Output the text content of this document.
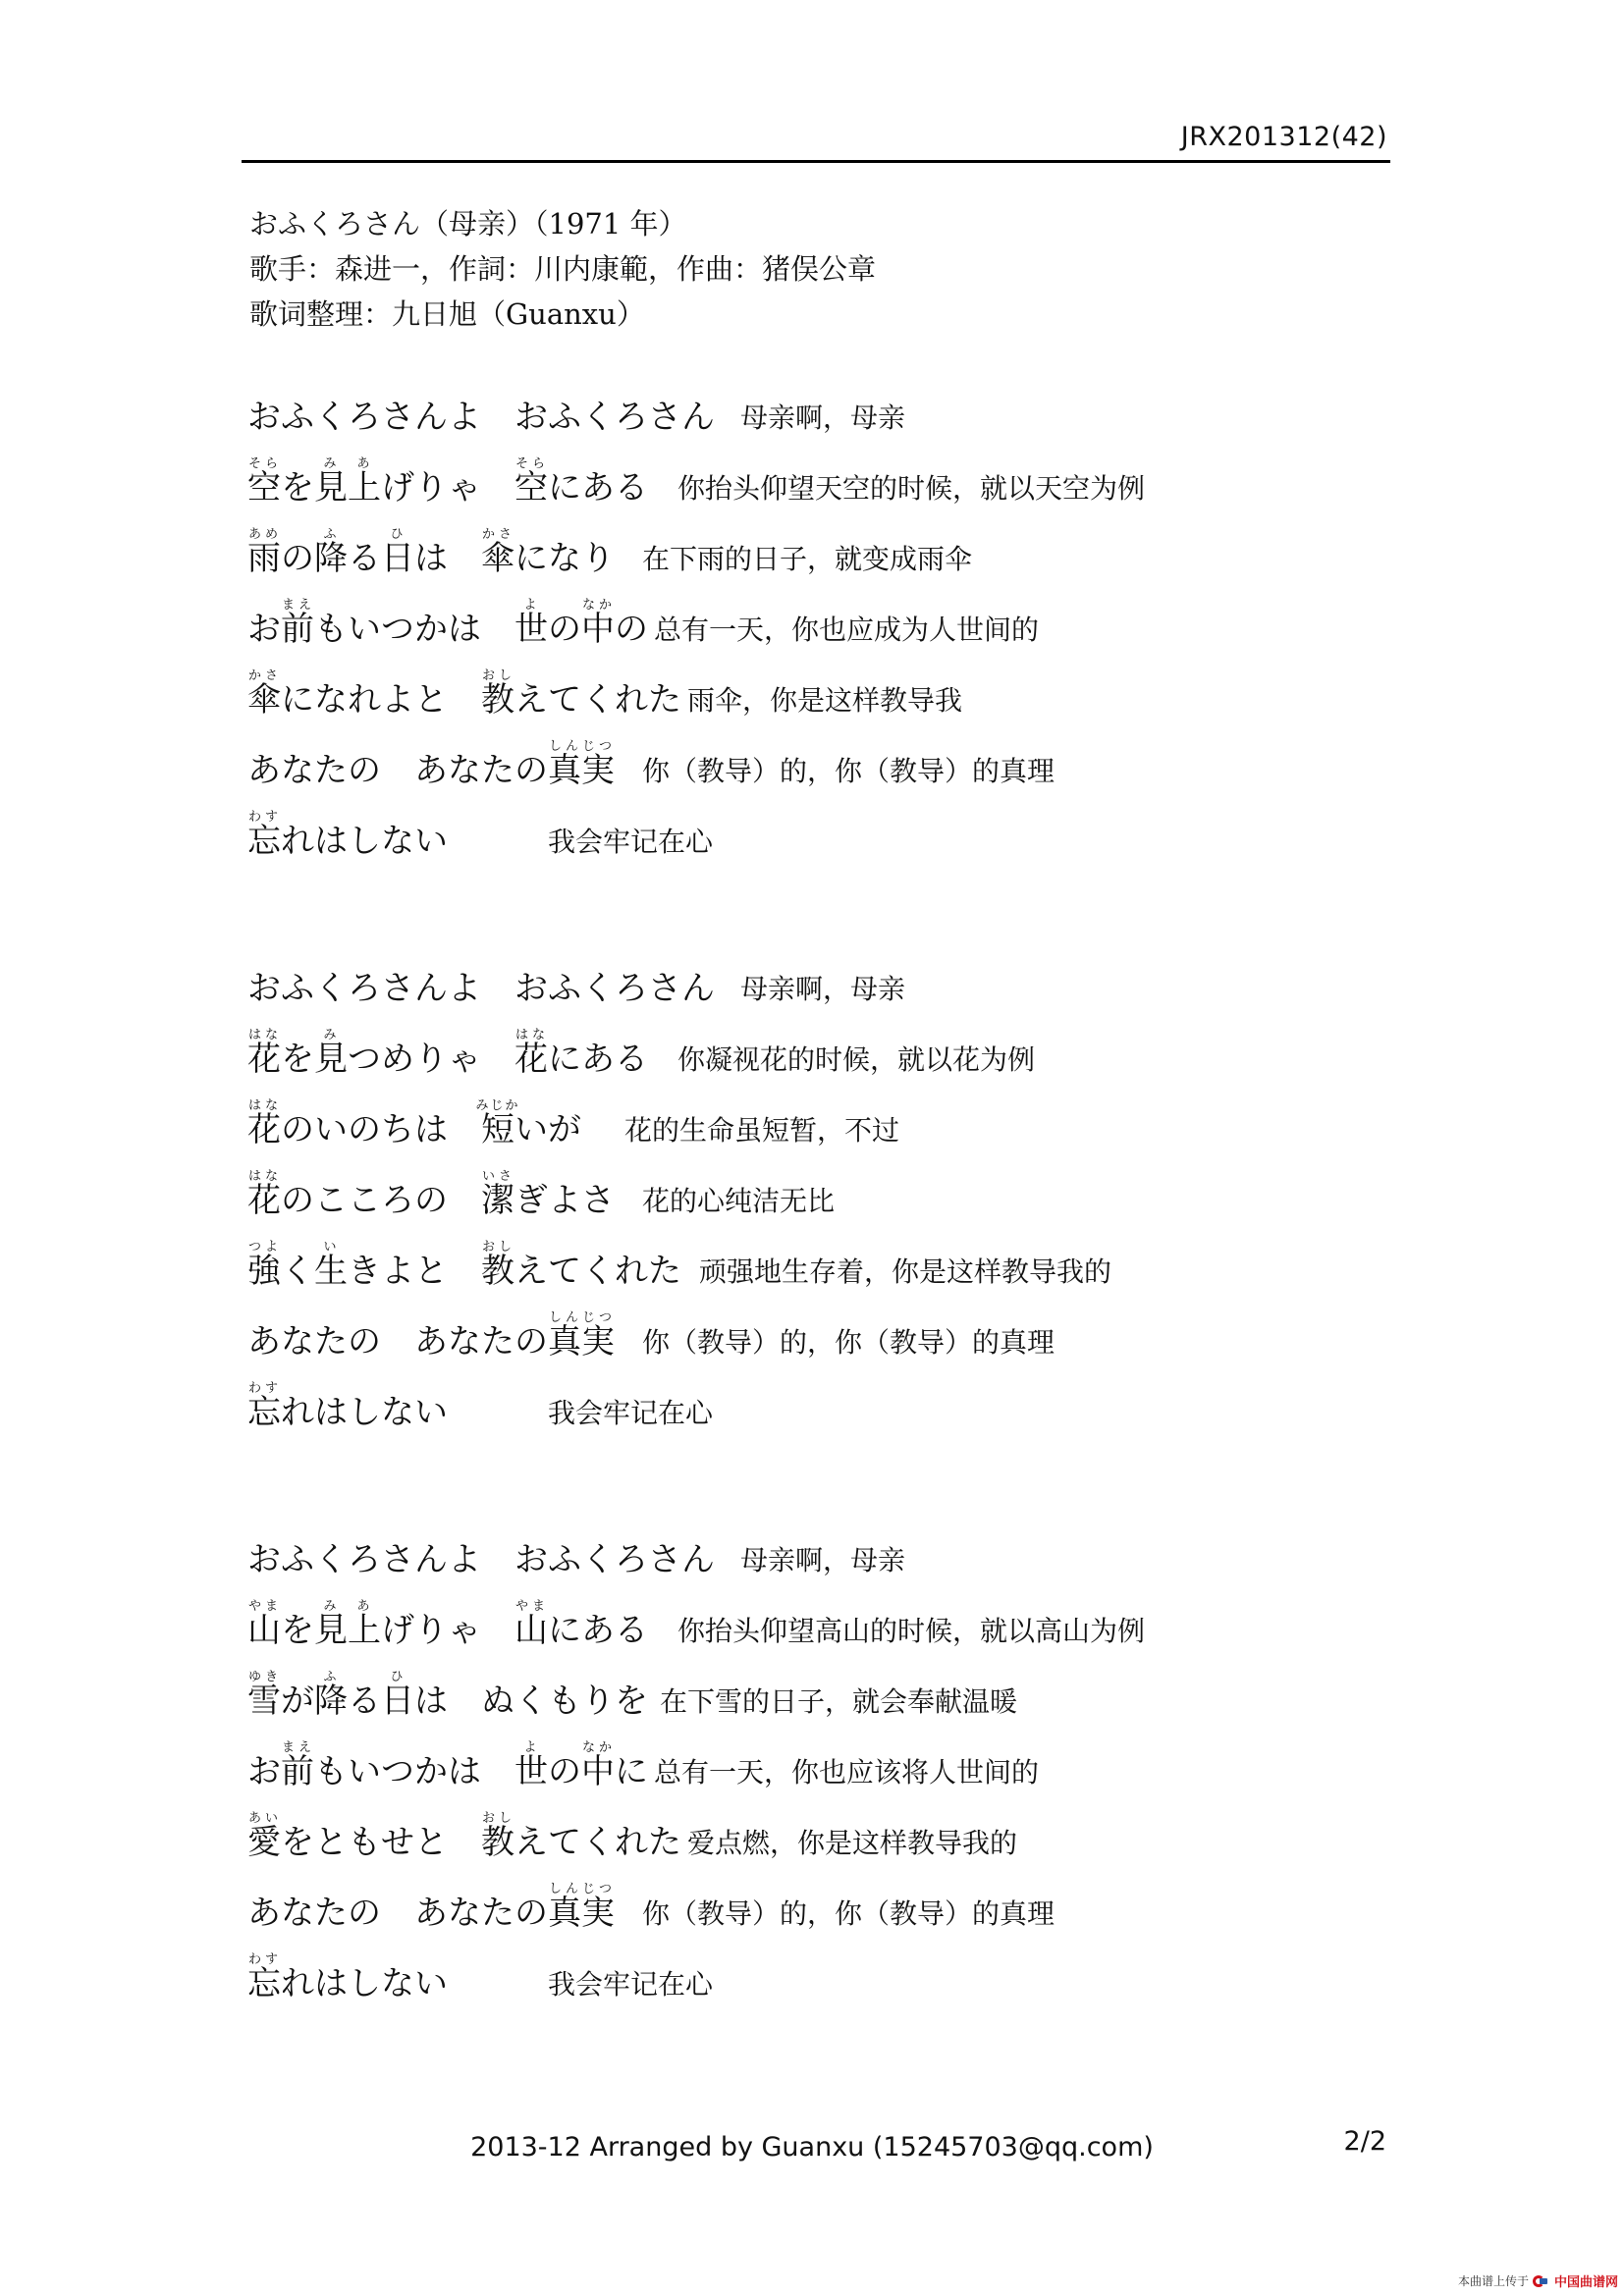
JRX201312(42)
おふくろさん（母亲）（1971 年）
歌手：森进一，作詞：川内康範，作曲：猪俣公章
歌词整理：九日旭（Guanxu）
おふくろさんよ　おふくろさん 母亲啊，母亲
空そらを見み上あげりゃ　空そらにある 你抬头仰望天空的时候，就以天空为例
雨あめの降ふる日ひは　傘かさになり 在下雨的日子，就变成雨伞
お前まえもいつかは　世よの中なかの 总有一天，你也应成为人世间的
傘かさになれよと　教おしえてくれた 雨伞，你是这样教导我
あなたの　あなたの真実しんじつ
你（教导）的，你（教导）的真理
忘わすれはしない	我会牢记在心
おふくろさんよ　おふくろさん 母亲啊，母亲
花はなを見みつめりゃ　花はなにある 你凝视花的时候，就以花为例
花はなのいのちは　短みじかいが 花的生命虽短暂，不过
花はなのこころの　潔いさぎよさ 花的心纯洁无比
強つよく生いきよと　教おしえてくれた 顽强地生存着，你是这样教导我的
あなたの　あなたの真実しんじつ
你（教导）的，你（教导）的真理
忘わすれはしない	我会牢记在心
おふくろさんよ　おふくろさん 母亲啊，母亲
山やまを見み上あげりゃ　山やまにある 你抬头仰望高山的时候，就以高山为例
雪ゆきが降ふる日ひは　ぬくもりを 在下雪的日子，就会奉献温暖
お前まえもいつかは　世よの中なかに 总有一天，你也应该将人世间的
愛あいをともせと　教おしえてくれた 爱点燃，你是这样教导我的
あなたの　あなたの真実しんじつ
你（教导）的，你（教导）的真理
忘わすれはしない	我会牢记在心
2013-12 Arranged by Guanxu (15245703@qq.com)	2/2
本曲谱上传于 中国曲谱网
